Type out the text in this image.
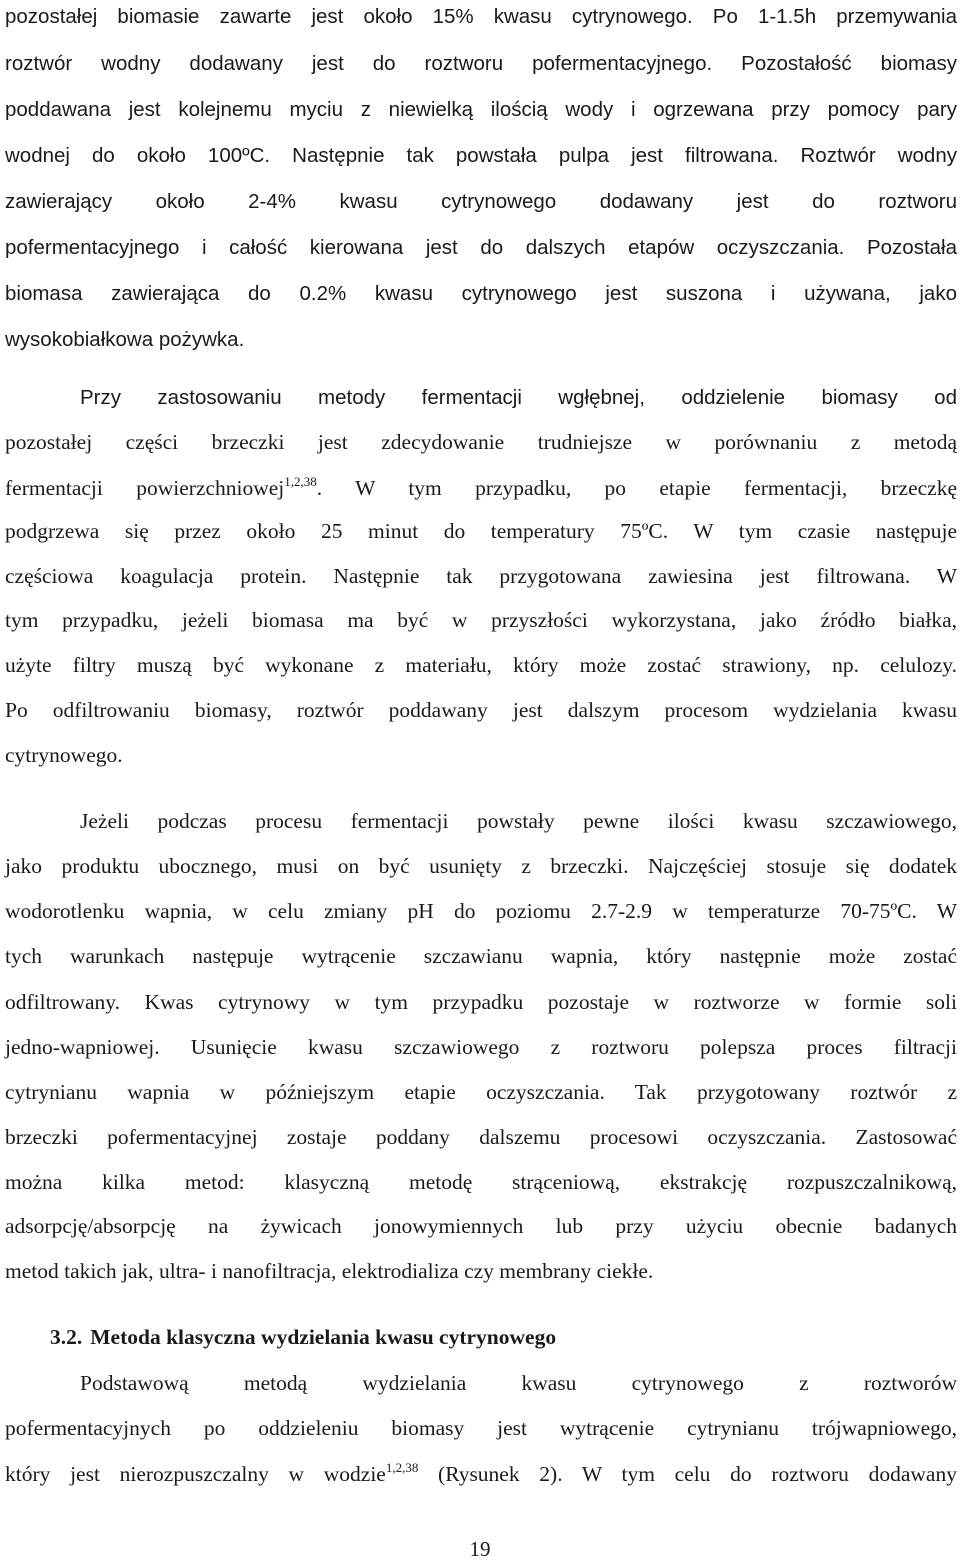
pozostałej biomasie zawarte jest około 15% kwasu cytrynowego. Po 1-1.5h przemywania
roztwór wodny dodawany jest do roztworu pofermentacyjnego. Pozostałość biomasy
poddawana jest kolejnemu myciu z niewielką ilością wody i ogrzewana przy pomocy pary
wodnej do około 100ºC. Następnie tak powstała pulpa jest filtrowana. Roztwór wodny
zawierający około 2-4% kwasu cytrynowego dodawany jest do roztworu
pofermentacyjnego i całość kierowana jest do dalszych etapów oczyszczania. Pozostała
biomasa zawierająca do 0.2% kwasu cytrynowego jest suszona i używana, jako
wysokobiałkowa pożywka.
Przy zastosowaniu metody fermentacji wgłębnej, oddzielenie biomasy od
pozostałej części brzeczki jest zdecydowanie trudniejsze w porównaniu z metodą
fermentacji powierzchniowej$^{1,2,38}$. W tym przypadku, po etapie fermentacji, brzeczkę
podgrzewa się przez około 25 minut do temperatury 75ºC. W tym czasie następuje
częściowa koagulacja protein. Następnie tak przygotowana zawiesina jest filtrowana. W
tym przypadku, jeżeli biomasa ma być w przyszłości wykorzystana, jako źródło białka,
użyte filtry muszą być wykonane z materiału, który może zostać strawiony, np. celulozy.
Po odfiltrowaniu biomasy, roztwór poddawany jest dalszym procesom wydzielania kwasu
cytrynowego.
Jeżeli podczas procesu fermentacji powstały pewne ilości kwasu szczawiowego,
jako produktu ubocznego, musi on być usunięty z brzeczki. Najczęściej stosuje się dodatek
wodorotlenku wapnia, w celu zmiany pH do poziomu 2.7-2.9 w temperaturze 70-75ºC. W
tych warunkach następuje wytrącenie szczawianu wapnia, który następnie może zostać
odfiltrowany. Kwas cytrynowy w tym przypadku pozostaje w roztworze w formie soli
jedno-wapniowej. Usunięcie kwasu szczawiowego z roztworu polepsza proces filtracji
cytrynianu wapnia w późniejszym etapie oczyszczania. Tak przygotowany roztwór z
brzeczki pofermentacyjnej zostaje poddany dalszemu procesowi oczyszczania. Zastosować
można kilka metod: klasyczną metodę strąceniową, ekstrakcję rozpuszczalnikową,
adsorpcję/absorpcję na żywicach jonowymiennych lub przy użyciu obecnie badanych
metod takich jak, ultra- i nanofiltracja, elektrodializa czy membrany ciekłe.
3.2. Metoda klasyczna wydzielania kwasu cytrynowego
Podstawową metodą wydzielania kwasu cytrynowego z roztworów
pofermentacyjnych po oddzieleniu biomasy jest wytrącenie cytrynianu trójwapniowego,
który jest nierozpuszczalny w wodzie$^{1,2,38}$ (Rysunek 2). W tym celu do roztworu dodawany
19
